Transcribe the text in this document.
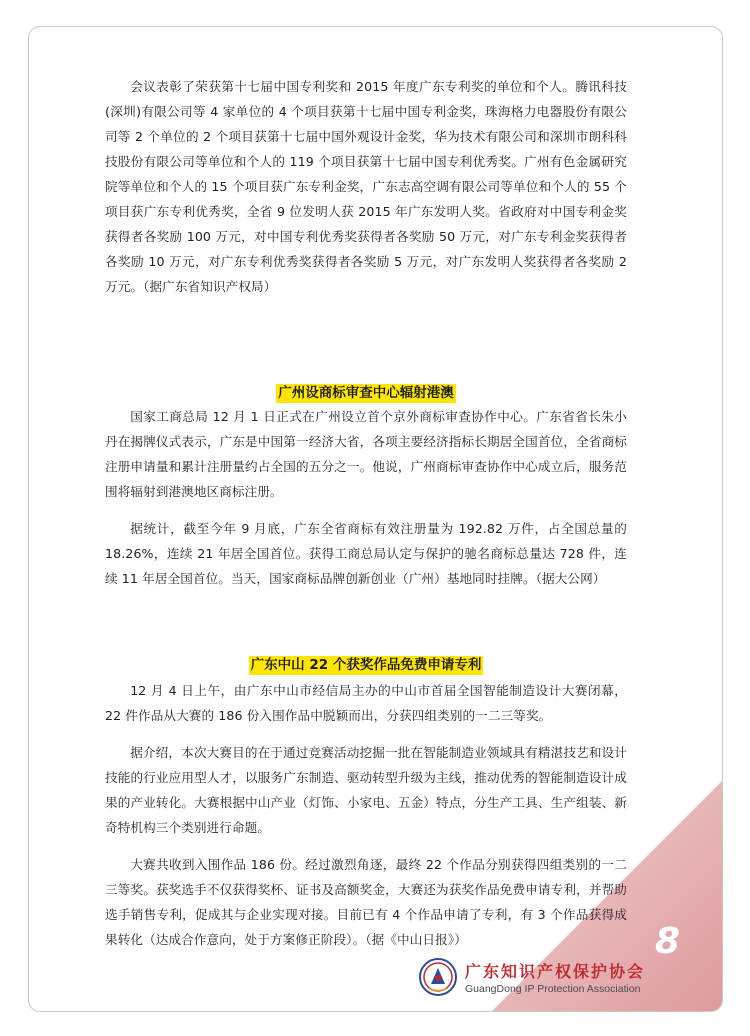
会议表彰了荣获第十七届中国专利奖和 2015 年度广东专利奖的单位和个人。腾讯科技(深圳)有限公司等 4 家单位的 4 个项目获第十七届中国专利金奖，珠海格力电器股份有限公司等 2 个单位的 2 个项目获第十七届中国外观设计金奖，华为技术有限公司和深圳市朗科科技股份有限公司等单位和个人的 119 个项目获第十七届中国专利优秀奖。广州有色金属研究院等单位和个人的 15 个项目获广东专利金奖，广东志高空调有限公司等单位和个人的 55 个项目获广东专利优秀奖，全省 9 位发明人获 2015 年广东发明人奖。省政府对中国专利金奖获得者各奖励 100 万元，对中国专利优秀奖获得者各奖励 50 万元，对广东专利金奖获得者各奖励 10 万元，对广东专利优秀奖获得者各奖励 5 万元，对广东发明人奖获得者各奖励 2 万元。（据广东省知识产权局）

广州设商标审查中心辐射港澳

国家工商总局 12 月 1 日正式在广州设立首个京外商标审查协作中心。广东省省长朱小丹在揭牌仪式表示，广东是中国第一经济大省，各项主要经济指标长期居全国首位，全省商标注册申请量和累计注册量约占全国的五分之一。他说，广州商标审查协作中心成立后，服务范围将辐射到港澳地区商标注册。

据统计，截至今年 9 月底，广东全省商标有效注册量为 192.82 万件，占全国总量的 18.26%，连续 21 年居全国首位。获得工商总局认定与保护的驰名商标总量达 728 件，连续 11 年居全国首位。当天，国家商标品牌创新创业（广州）基地同时挂牌。（据大公网）

广东中山 22 个获奖作品免费申请专利

12 月 4 日上午，由广东中山市经信局主办的中山市首届全国智能制造设计大赛闭幕，22 件作品从大赛的 186 份入围作品中脱颖而出，分获四组类别的一二三等奖。

据介绍，本次大赛目的在于通过竞赛活动挖掘一批在智能制造业领域具有精湛技艺和设计技能的行业应用型人才，以服务广东制造、驱动转型升级为主线，推动优秀的智能制造设计成果的产业转化。大赛根据中山产业（灯饰、小家电、五金）特点，分生产工具、生产组装、新奇特机构三个类别进行命题。

大赛共收到入围作品 186 份。经过激烈角逐，最终 22 个作品分别获得四组类别的一二三等奖。获奖选手不仅获得奖杯、证书及高额奖金，大赛还为获奖作品免费申请专利，并帮助选手销售专利，促成其与企业实现对接。目前已有 4 个作品申请了专利，有 3 个作品获得成果转化（达成合作意向，处于方案修正阶段）。（据《中山日报》）	8
广东知识产权保护协会
GuangDong IP Protection Association
